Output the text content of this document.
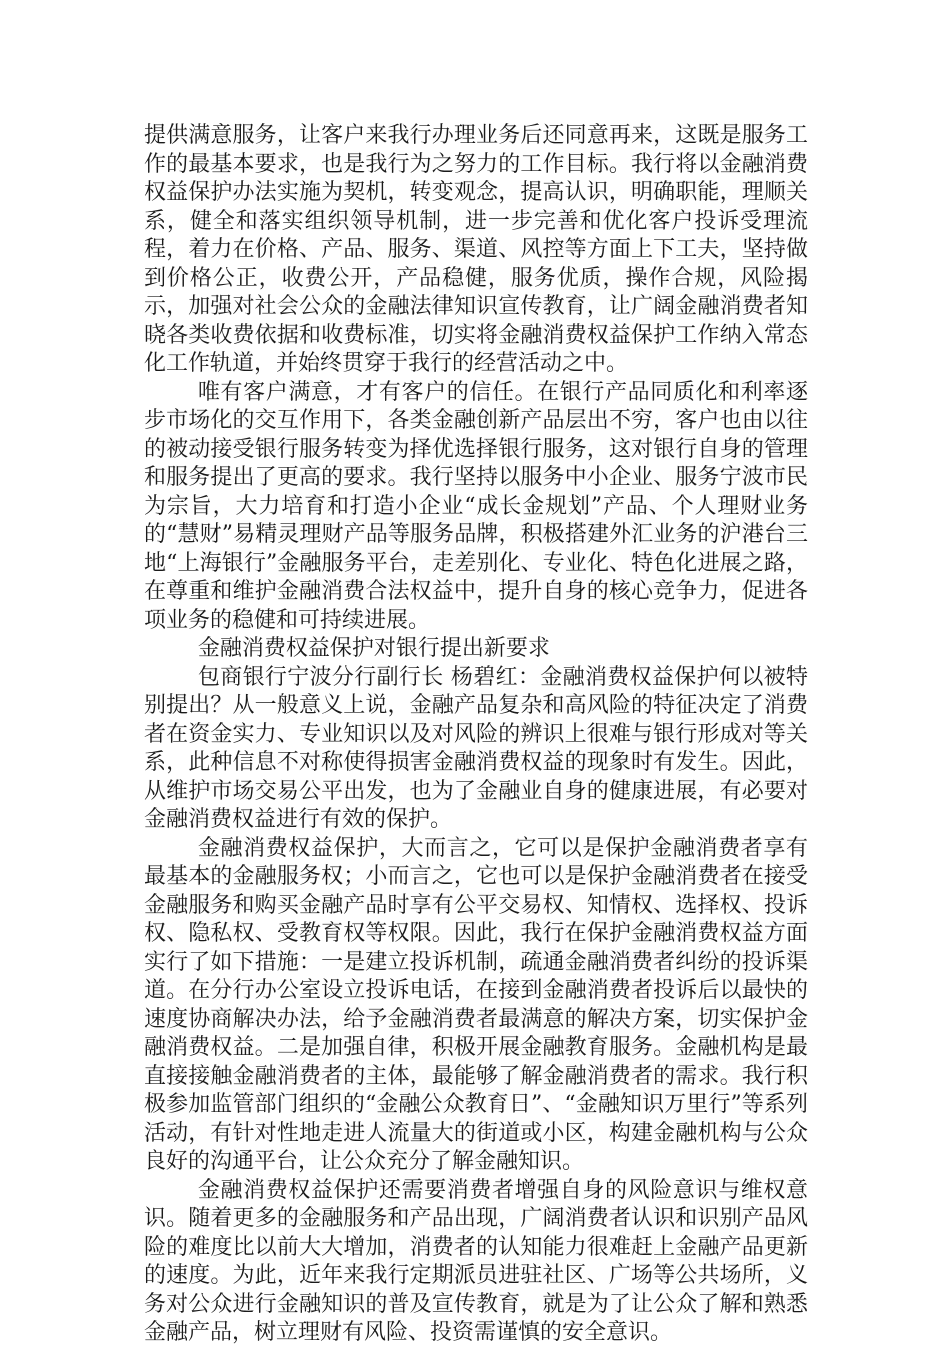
提供满意服务，让客户来我行办理业务后还同意再来，这既是服务工作的最基本要求，也是我行为之努力的工作目标。我行将以金融消费权益保护办法实施为契机，转变观念，提高认识，明确职能，理顺关系，健全和落实组织领导机制，进一步完善和优化客户投诉受理流程，着力在价格、产品、服务、渠道、风控等方面上下工夫，坚持做到价格公正，收费公开，产品稳健，服务优质，操作合规，风险揭示，加强对社会公众的金融法律知识宣传教育，让广阔金融消费者知晓各类收费依据和收费标准，切实将金融消费权益保护工作纳入常态化工作轨道，并始终贯穿于我行的经营活动之中。

唯有客户满意，才有客户的信任。在银行产品同质化和利率逐步市场化的交互作用下，各类金融创新产品层出不穷，客户也由以往的被动接受银行服务转变为择优选择银行服务，这对银行自身的管理和服务提出了更高的要求。我行坚持以服务中小企业、服务宁波市民为宗旨，大力培育和打造小企业“成长金规划”产品、个人理财业务的“慧财”易精灵理财产品等服务品牌，积极搭建外汇业务的沪港台三地“上海银行”金融服务平台，走差别化、专业化、特色化进展之路，在尊重和维护金融消费合法权益中，提升自身的核心竞争力，促进各项业务的稳健和可持续进展。

金融消费权益保护对银行提出新要求

包商银行宁波分行副行长 杨碧红：金融消费权益保护何以被特别提出？从一般意义上说，金融产品复杂和高风险的特征决定了消费者在资金实力、专业知识以及对风险的辨识上很难与银行形成对等关系，此种信息不对称使得损害金融消费权益的现象时有发生。因此，从维护市场交易公平出发，也为了金融业自身的健康进展，有必要对金融消费权益进行有效的保护。

金融消费权益保护，大而言之，它可以是保护金融消费者享有最基本的金融服务权；小而言之，它也可以是保护金融消费者在接受金融服务和购买金融产品时享有公平交易权、知情权、选择权、投诉权、隐私权、受教育权等权限。因此，我行在保护金融消费权益方面实行了如下措施：一是建立投诉机制，疏通金融消费者纠纷的投诉渠道。在分行办公室设立投诉电话，在接到金融消费者投诉后以最快的速度协商解决办法，给予金融消费者最满意的解决方案，切实保护金融消费权益。二是加强自律，积极开展金融教育服务。金融机构是最直接接触金融消费者的主体，最能够了解金融消费者的需求。我行积极参加监管部门组织的“金融公众教育日”、“金融知识万里行”等系列活动，有针对性地走进人流量大的街道或小区，构建金融机构与公众良好的沟通平台，让公众充分了解金融知识。

金融消费权益保护还需要消费者增强自身的风险意识与维权意识。随着更多的金融服务和产品出现，广阔消费者认识和识别产品风险的难度比以前大大增加，消费者的认知能力很难赶上金融产品更新的速度。为此，近年来我行定期派员进驻社区、广场等公共场所，义务对公众进行金融知识的普及宣传教育，就是为了让公众了解和熟悉金融产品，树立理财有风险、投资需谨慎的安全意识。
